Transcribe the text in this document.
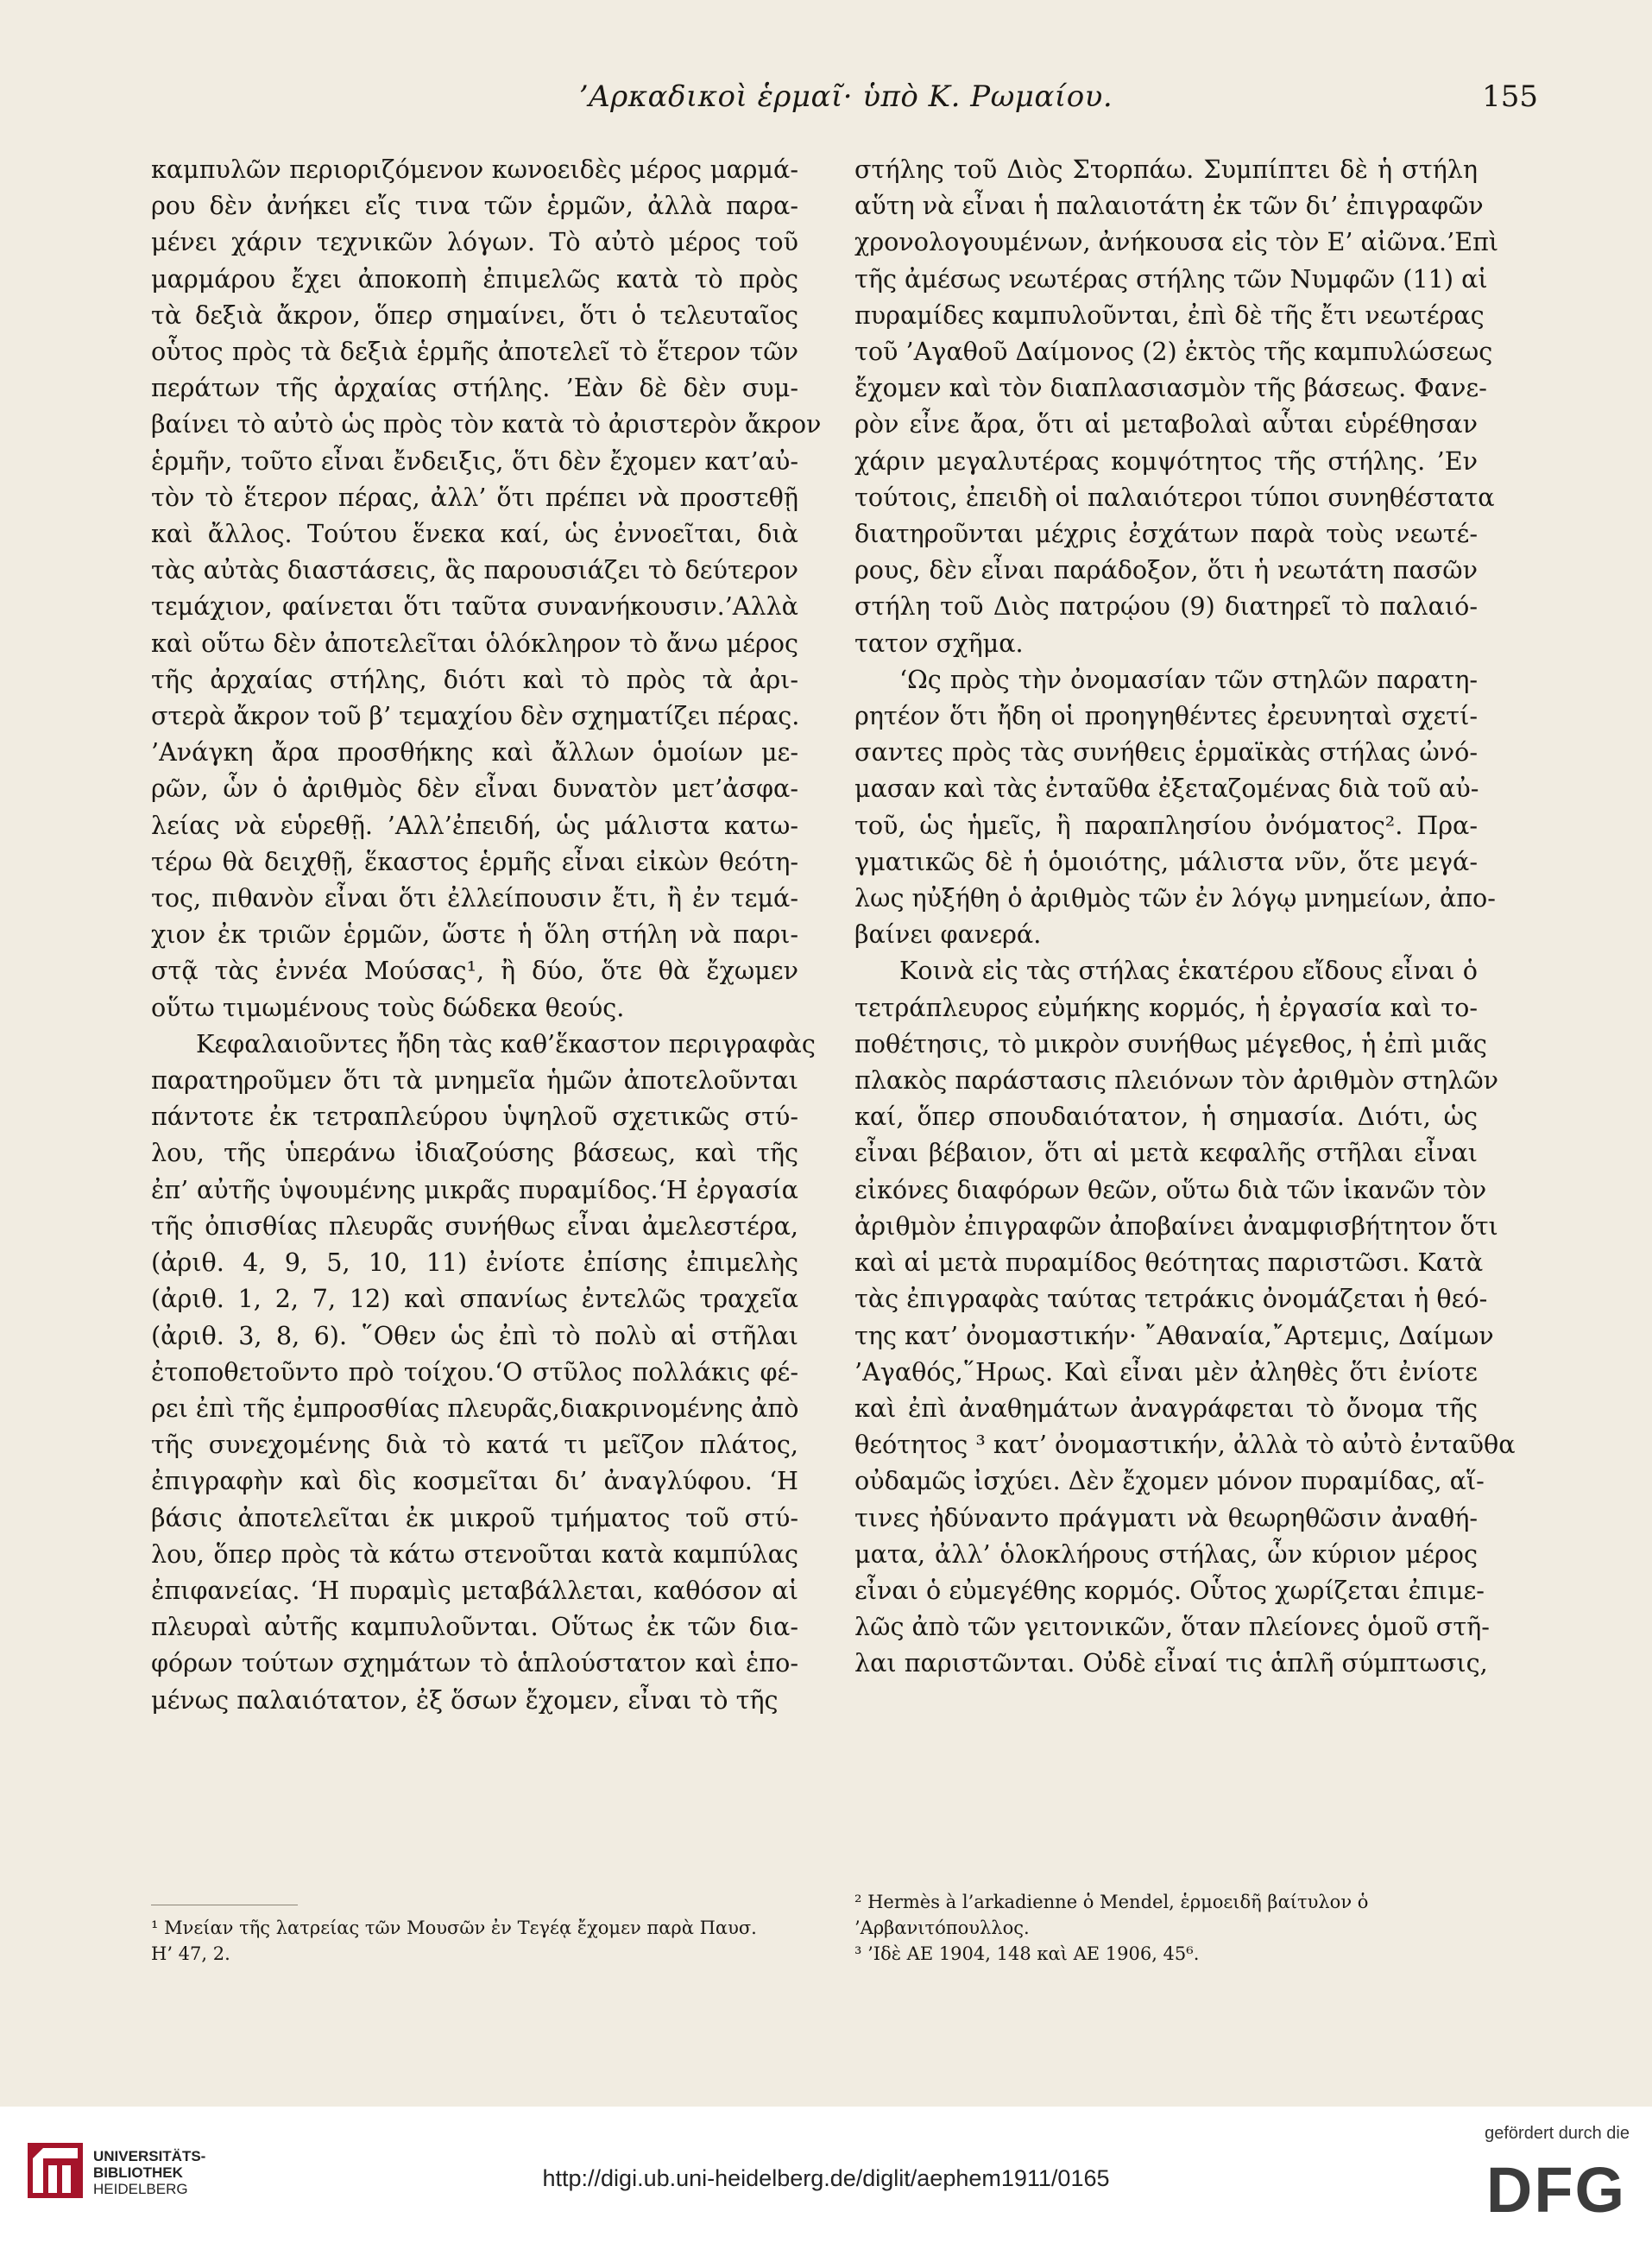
’Αρκαδικοὶ ἑρμαῖ· ὑπὸ Κ. Ρωμαίου.	155

καμπυλῶν περιοριζόμενον κωνοειδὲς μέρος μαρμά-
ρου δὲν ἀνήκει εἴς τινα τῶν ἑρμῶν, ἀλλὰ παρα-
μένει χάριν τεχνικῶν λόγων. Τὸ αὐτὸ μέρος τοῦ
μαρμάρου ἔχει ἀποκοπὴ ἐπιμελῶς κατὰ τὸ πρὸς
τὰ δεξιὰ ἄκρον, ὅπερ σημαίνει, ὅτι ὁ τελευταῖος
οὗτος πρὸς τὰ δεξιὰ ἑρμῆς ἀποτελεῖ τὸ ἕτερον τῶν
περάτων τῆς ἀρχαίας στήλης. ’Εὰν δὲ δὲν συμ-
βαίνει τὸ αὐτὸ ὡς πρὸς τὸν κατὰ τὸ ἀριστερὸν ἄκρον
ἑρμῆν, τοῦτο εἶναι ἔνδειξις, ὅτι δὲν ἔχομεν κατ’αὐ-
τὸν τὸ ἕτερον πέρας, ἀλλ’ ὅτι πρέπει νὰ προστεθῇ
καὶ ἄλλος. Τούτου ἕνεκα καί, ὡς ἐννοεῖται, διὰ
τὰς αὐτὰς διαστάσεις, ἃς παρουσιάζει τὸ δεύτερον
τεμάχιον, φαίνεται ὅτι ταῦτα συνανήκουσιν.’Αλλὰ
καὶ οὕτω δὲν ἀποτελεῖται ὁλόκληρον τὸ ἄνω μέρος
τῆς ἀρχαίας στήλης, διότι καὶ τὸ πρὸς τὰ ἀρι-
στερὰ ἄκρον τοῦ β’ τεμαχίου δὲν σχηματίζει πέρας.
’Ανάγκη ἄρα προσθήκης καὶ ἄλλων ὁμοίων με-
ρῶν, ὧν ὁ ἀριθμὸς δὲν εἶναι δυνατὸν μετ’ἀσφα-
λείας νὰ εὑρεθῇ. ’Αλλ’ἐπειδή, ὡς μάλιστα κατω-
τέρω θὰ δειχθῇ, ἕκαστος ἑρμῆς εἶναι εἰκὼν θεότη-
τος, πιθανὸν εἶναι ὅτι ἐλλείπουσιν ἔτι, ἢ ἐν τεμά-
χιον ἐκ τριῶν ἑρμῶν, ὥστε ἡ ὅλη στήλη νὰ παρι-
στᾷ τὰς ἐννέα Μούσας¹, ἢ δύο, ὅτε θὰ ἔχωμεν
οὕτω τιμωμένους τοὺς δώδεκα θεούς.

Κεφαλαιοῦντες ἤδη τὰς καθ’ἕκαστον περιγραφὰς
παρατηροῦμεν ὅτι τὰ μνημεῖα ἡμῶν ἀποτελοῦνται
πάντοτε ἐκ τετραπλεύρου ὑψηλοῦ σχετικῶς στύ-
λου, τῆς ὑπεράνω ἰδιαζούσης βάσεως, καὶ τῆς
ἐπ’ αὐτῆς ὑψουμένης μικρᾶς πυραμίδος.‘Η ἐργασία
τῆς ὀπισθίας πλευρᾶς συνήθως εἶναι ἀμελεστέρα,
(ἀριθ. 4, 9, 5, 10, 11) ἐνίοτε ἐπίσης ἐπιμελὴς
(ἀριθ. 1, 2, 7, 12) καὶ σπανίως ἐντελῶς τραχεῖα
(ἀριθ. 3, 8, 6). ῞Οθεν ὡς ἐπὶ τὸ πολὺ αἱ στῆλαι
ἐτοποθετοῦντο πρὸ τοίχου.‘Ο στῦλος πολλάκις φέ-
ρει ἐπὶ τῆς ἐμπροσθίας πλευρᾶς,διακρινομένης ἀπὸ
τῆς συνεχομένης διὰ τὸ κατά τι μεῖζον πλάτος,
ἐπιγραφὴν καὶ δὶς κοσμεῖται δι’ ἀναγλύφου. ‘Η
βάσις ἀποτελεῖται ἐκ μικροῦ τμήματος τοῦ στύ-
λου, ὅπερ πρὸς τὰ κάτω στενοῦται κατὰ καμπύλας
ἐπιφανείας. ‘Η πυραμὶς μεταβάλλεται, καθόσον αἱ
πλευραὶ αὐτῆς καμπυλοῦνται. Οὕτως ἐκ τῶν δια-
φόρων τούτων σχημάτων τὸ ἁπλούστατον καὶ ἑπο-
μένως παλαιότατον, ἐξ ὅσων ἔχομεν, εἶναι τὸ τῆς

στήλης τοῦ Διὸς Στορπάω. Συμπίπτει δὲ ἡ στήλη
αὕτη νὰ εἶναι ἡ παλαιοτάτη ἐκ τῶν δι’ ἐπιγραφῶν
χρονολογουμένων, ἀνήκουσα εἰς τὸν Ε’ αἰῶνα.’Επὶ
τῆς ἀμέσως νεωτέρας στήλης τῶν Νυμφῶν (11) αἱ
πυραμίδες καμπυλοῦνται, ἐπὶ δὲ τῆς ἔτι νεωτέρας
τοῦ ’Αγαθοῦ Δαίμονος (2) ἐκτὸς τῆς καμπυλώσεως
ἔχομεν καὶ τὸν διαπλασιασμὸν τῆς βάσεως. Φανε-
ρὸν εἶνε ἄρα, ὅτι αἱ μεταβολαὶ αὗται εὑρέθησαν
χάριν μεγαλυτέρας κομψότητος τῆς στήλης. ’Εν
τούτοις, ἐπειδὴ οἱ παλαιότεροι τύποι συνηθέστατα
διατηροῦνται μέχρις ἐσχάτων παρὰ τοὺς νεωτέ-
ρους, δὲν εἶναι παράδοξον, ὅτι ἡ νεωτάτη πασῶν
στήλη τοῦ Διὸς πατρῴου (9) διατηρεῖ τὸ παλαιό-
τατον σχῆμα.

‘Ως πρὸς τὴν ὀνομασίαν τῶν στηλῶν παρατη-
ρητέον ὅτι ἤδη οἱ προηγηθέντες ἐρευνηταὶ σχετί-
σαντες πρὸς τὰς συνήθεις ἑρμαϊκὰς στήλας ὠνό-
μασαν καὶ τὰς ἐνταῦθα ἐξεταζομένας διὰ τοῦ αὐ-
τοῦ, ὡς ἡμεῖς, ἢ παραπλησίου ὀνόματος². Πρα-
γματικῶς δὲ ἡ ὁμοιότης, μάλιστα νῦν, ὅτε μεγά-
λως ηὐξήθη ὁ ἀριθμὸς τῶν ἐν λόγῳ μνημείων, ἀπο-
βαίνει φανερά.

Κοινὰ εἰς τὰς στήλας ἑκατέρου εἴδους εἶναι ὁ
τετράπλευρος εὐμήκης κορμός, ἡ ἐργασία καὶ το-
ποθέτησις, τὸ μικρὸν συνήθως μέγεθος, ἡ ἐπὶ μιᾶς
πλακὸς παράστασις πλειόνων τὸν ἀριθμὸν στηλῶν
καί, ὅπερ σπουδαιότατον, ἡ σημασία. Διότι, ὡς
εἶναι βέβαιον, ὅτι αἱ μετὰ κεφαλῆς στῆλαι εἶναι
εἰκόνες διαφόρων θεῶν, οὕτω διὰ τῶν ἱκανῶν τὸν
ἀριθμὸν ἐπιγραφῶν ἀποβαίνει ἀναμφισβήτητον ὅτι
καὶ αἱ μετὰ πυραμίδος θεότητας παριστῶσι. Κατὰ
τὰς ἐπιγραφὰς ταύτας τετράκις ὀνομάζεται ἡ θεό-
της κατ’ ὀνομαστικήν· ῎Αθαναία,῎Αρτεμις, Δαίμων
’Αγαθός,῞Ηρως. Καὶ εἶναι μὲν ἀληθὲς ὅτι ἐνίοτε
καὶ ἐπὶ ἀναθημάτων ἀναγράφεται τὸ ὄνομα τῆς
θεότητος ³ κατ’ ὀνομαστικήν, ἀλλὰ τὸ αὐτὸ ἐνταῦθα
οὐδαμῶς ἰσχύει. Δὲν ἔχομεν μόνον πυραμίδας, αἵ-
τινες ἠδύναντο πράγματι νὰ θεωρηθῶσιν ἀναθή-
ματα, ἀλλ’ ὁλοκλήρους στήλας, ὧν κύριον μέρος
εἶναι ὁ εὐμεγέθης κορμός. Οὗτος χωρίζεται ἐπιμε-
λῶς ἀπὸ τῶν γειτονικῶν, ὅταν πλείονες ὁμοῦ στῆ-
λαι παριστῶνται. Οὐδὲ εἶναί τις ἁπλῆ σύμπτωσις,

¹ Μνείαν τῆς λατρείας τῶν Μουσῶν ἐν Τεγέᾳ ἔχομεν παρὰ Παυσ.
Η’ 47, 2.
² Hermès à l’arkadienne ὁ Mendel, ἑρμοειδῆ βαίτυλον ὁ
’Αρβανιτόπουλλος.
³ ’Ιδὲ ΑΕ 1904, 148 καὶ ΑΕ 1906, 45⁶.
UNIVERSITÄTS-
BIBLIOTHEK
HEIDELBERG	http://digi.ub.uni-heidelberg.de/diglit/aephem1911/0165
gefördert durch die
DFG
